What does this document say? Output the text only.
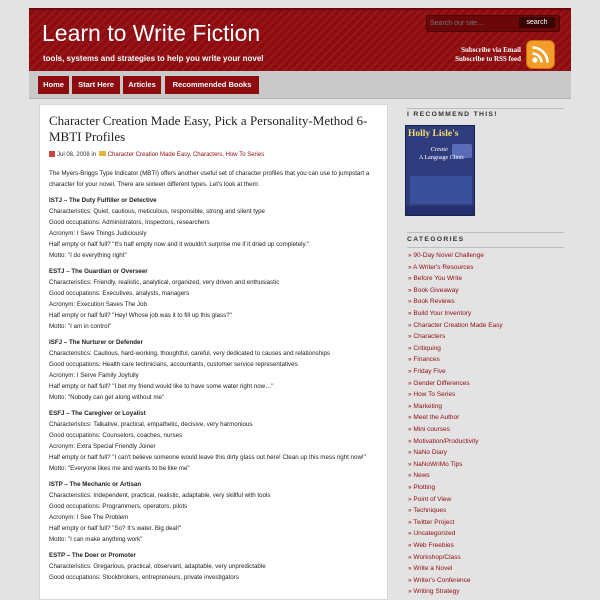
Learn to Write Fiction
tools, systems and strategies to help you write your novel
Search our site....
search
Subscribe via Email
Subscribe to RSS feed
Home	Start Here	Articles	Recommended Books
Character Creation Made Easy, Pick a Personality-Method 6-MBTI Profiles
Jul 08, 2008 in Character Creation Made Easy, Characters, How To Series

The Myers-Briggs Type Indicator (MBTI) offers another useful set of character profiles that you can use to jumpstart a character for your novel. There are sixteen different types. Let's look at them:

ISTJ – The Duty Fulfiller or Detective
Characteristics: Quiet, cautious, meticulous, responsible, strong and silent type
Good occupations: Administrators, Inspectors, researchers
Acronym: I Save Things Judiciously
Half empty or half full? "It's half empty now and it wouldn't surprise me if it dried up completely."
Motto: "I do everything right"
ESTJ – The Guardian or Overseer
Characteristics: Friendly, realistic, analytical, organized, very driven and enthusiastic
Good occupations: Executives, analysts, managers
Acronym: Execution Saves The Job
Half empty or half full? "Hey! Whose job was it to fill up this glass?"
Motto: "I am in control"
ISFJ – The Nurturer or Defender
Characteristics: Cautious, hard-working, thoughtful, careful, very dedicated to causes and relationships
Good occupations: Health care technicians, accountants, customer service representatives
Acronym: I Serve Family Joyfully
Half empty or half full? "I bet my friend would like to have some water right now…"
Motto: "Nobody can get along without me"
ESFJ – The Caregiver or Loyalist
Characteristics: Talkative, practical, empathetic, decisive, very harmonious
Good occupations: Counselors, coaches, nurses
Acronym: Extra Special Friendly Joiner
Half empty or half full? "I can't believe someone would leave this dirty glass out here! Clean up this mess right now!"
Motto: "Everyone likes me and wants to be like me"
ISTP – The Mechanic or Artisan
Characteristics: Independent, practical, realistic, adaptable, very skillful with tools
Good occupations: Programmers, operators, pilots
Acronym: I See The Problem
Half empty or half full? "So? It's water. Big deal!"
Motto: "I can make anything work"
ESTP – The Doer or Promoter
Characteristics: Gregarious, practical, observant, adaptable, very unpredictable
Good occupations: Stockbrokers, entrepreneurs, private investigators
I RECOMMEND THIS!
Holly Lisle's
Create
A Language Clinic
CATEGORIES
» 90-Day Novel Challenge
» A Writer's Resources
» Before You Write
» Book Giveaway
» Book Reviews
» Build Your Inventory
» Character Creation Made Easy
» Characters
» Critiquing
» Finances
» Friday Five
» Gender Differences
» How To Series
» Marketing
» Meet the Author
» Mini courses
» Motivation/Productivity
» NaNo Diary
» NaNoWriMo Tips
» News
» Plotting
» Point of View
» Techniques
» Twitter Project
» Uncategorized
» Web Freebies
» Workshop/Class
» Write a Novel
» Writer's Conference
» Writing Strategy
